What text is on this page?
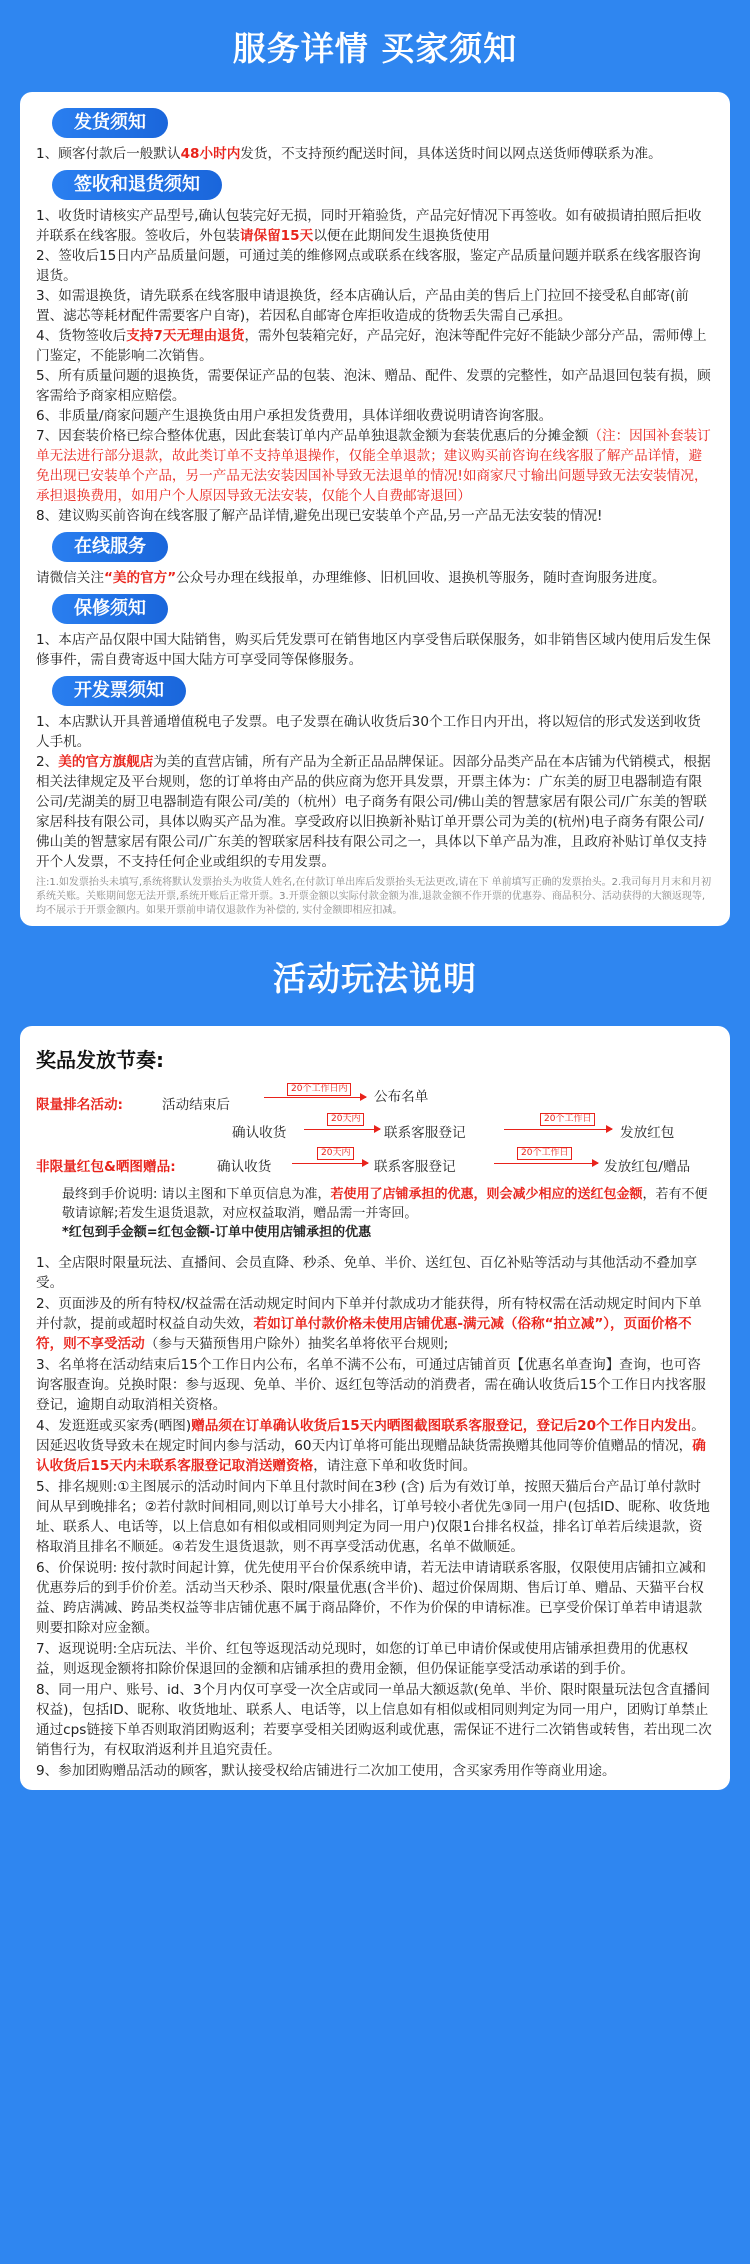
服务详情 买家须知
发货须知

1、顾客付款后一般默认48小时内发货，不支持预约配送时间，具体送货时间以网点送货师傅联系为准。

签收和退货须知

1、收货时请核实产品型号,确认包装完好无损，同时开箱验货，产品完好情况下再签收。如有破损请拍照后拒收并联系在线客服。签收后，外包装请保留15天以便在此期间发生退换货使用

2、签收后15日内产品质量问题，可通过美的维修网点或联系在线客服，鉴定产品质量问题并联系在线客服咨询退货。

3、如需退换货，请先联系在线客服申请退换货，经本店确认后，产品由美的售后上门拉回不接受私自邮寄(前置、滤芯等耗材配件需要客户自寄)，若因私自邮寄仓库拒收造成的货物丢失需自己承担。

4、货物签收后支持7天无理由退货，需外包装箱完好，产品完好，泡沫等配件完好不能缺少部分产品，需师傅上门鉴定，不能影响二次销售。

5、所有质量问题的退换货，需要保证产品的包装、泡沫、赠品、配件、发票的完整性，如产品退回包装有损，顾客需给予商家相应赔偿。

6、非质量/商家问题产生退换货由用户承担发货费用，具体详细收费说明请咨询客服。

7、因套装价格已综合整体优惠，因此套装订单内产品单独退款金额为套装优惠后的分摊金额（注：因国补套装订单无法进行部分退款，故此类订单不支持单退操作，仅能全单退款；建议购买前咨询在线客服了解产品详情，避免出现已安装单个产品，另一产品无法安装因国补导致无法退单的情况!如商家尺寸输出问题导致无法安装情况，承担退换费用，如用户个人原因导致无法安装，仅能个人自费邮寄退回）

8、建议购买前咨询在线客服了解产品详情,避免出现已安装单个产品,另一产品无法安装的情况!

在线服务

请微信关注“美的官方”公众号办理在线报单，办理维修、旧机回收、退换机等服务，随时查询服务进度。

保修须知

1、本店产品仅限中国大陆销售，购买后凭发票可在销售地区内享受售后联保服务，如非销售区域内使用后发生保修事件，需自费寄返中国大陆方可享受同等保修服务。

开发票须知

1、本店默认开具普通增值税电子发票。电子发票在确认收货后30个工作日内开出，将以短信的形式发送到收货人手机。

2、美的官方旗舰店为美的直营店铺，所有产品为全新正品品牌保证。因部分品类产品在本店铺为代销模式，根据相关法律规定及平台规则，您的订单将由产品的供应商为您开具发票，开票主体为：广东美的厨卫电器制造有限公司/芜湖美的厨卫电器制造有限公司/美的（杭州）电子商务有限公司/佛山美的智慧家居有限公司/广东美的智联家居科技有限公司，具体以购买产品为准。享受政府以旧换新补贴订单开票公司为美的(杭州)电子商务有限公司/佛山美的智慧家居有限公司/广东美的智联家居科技有限公司之一，具体以下单产品为准，且政府补贴订单仅支持开个人发票，不支持任何企业或组织的专用发票。

注:1.如发票抬头未填写,系统将默认发票抬头为收货人姓名,在付款订单出库后发票抬头无法更改,请在下 单前填写正确的发票抬头。2.我司每月月末和月初系统关账。关账期间您无法开票,系统开账后正常开票。3.开票金额以实际付款金额为准,退款金额不作开票的优惠券、商品积分、活动获得的大额返现等,均不展示于开票金额内。如果开票前申请仅退款作为补偿的, 实付金额即相应扣减。

活动玩法说明
奖品发放节奏:
限量排名活动:	活动结束后
20个工作日内 公布名单
确认收货
20天内
联系客服登记
20个工作日
发放红包
非限量红包&晒图赠品:	确认收货
20天内
联系客服登记
20个工作日
发放红包/赠品

最终到手价说明: 请以主图和下单页信息为准，若使用了店铺承担的优惠，则会减少相应的送红包金额，若有不便敬请谅解;若发生退货退款，对应权益取消，赠品需一并寄回。

*红包到手金额=红包金额-订单中使用店铺承担的优惠

1、全店限时限量玩法、直播间、会员直降、秒杀、免单、半价、送红包、百亿补贴等活动与其他活动不叠加享受。

2、页面涉及的所有特权/权益需在活动规定时间内下单并付款成功才能获得，所有特权需在活动规定时间内下单并付款，提前或超时权益自动失效，若如订单付款价格未使用店铺优惠-满元减（俗称“拍立减”），页面价格不符，则不享受活动（参与天猫预售用户除外）抽奖名单将依平台规则;

3、名单将在活动结束后15个工作日内公布，名单不满不公布，可通过店铺首页【优惠名单查询】查询，也可咨询客服查询。兑换时限：参与返现、免单、半价、返红包等活动的消费者，需在确认收货后15个工作日内找客服登记，逾期自动取消相关资格。

4、发逛逛或买家秀(晒图)赠品须在订单确认收货后15天内晒图截图联系客服登记，登记后20个工作日内发出。因延迟收货导致未在规定时间内参与活动，60天内订单将可能出现赠品缺货需换赠其他同等价值赠品的情况，确认收货后15天内未联系客服登记取消送赠资格，请注意下单和收货时间。

5、排名规则:①主图展示的活动时间内下单且付款时间在3秒 (含) 后为有效订单，按照天猫后台产品订单付款时间从早到晚排名；②若付款时间相同,则以订单号大小排名，订单号较小者优先③同一用户(包括ID、昵称、收货地址、联系人、电话等，以上信息如有相似或相同则判定为同一用户)仅限1台排名权益，排名订单若后续退款，资格取消且排名不顺延。④若发生退货退款，则不再享受活动优惠，名单不做顺延。

6、价保说明: 按付款时间起计算，优先使用平台价保系统申请，若无法申请请联系客服，仅限使用店铺扣立减和优惠券后的到手价价差。活动当天秒杀、限时/限量优惠(含半价)、超过价保周期、售后订单、赠品、天猫平台权益、跨店满减、跨品类权益等非店铺优惠不属于商品降价，不作为价保的申请标准。已享受价保订单若申请退款则要扣除对应金额。

7、返现说明:全店玩法、半价、红包等返现活动兑现时，如您的订单已申请价保或使用店铺承担费用的优惠权益，则返现金额将扣除价保退回的金额和店铺承担的费用金额，但仍保证能享受活动承诺的到手价。

8、同一用户、账号、id、3个月内仅可享受一次全店或同一单品大额返款(免单、半价、限时限量玩法包含直播间权益)，包括ID、昵称、收货地址、联系人、电话等，以上信息如有相似或相同则判定为同一用户，团购订单禁止通过cps链接下单否则取消团购返利；若要享受相关团购返利或优惠，需保证不进行二次销售或转售，若出现二次销售行为，有权取消返利并且追究责任。

9、参加团购赠品活动的顾客，默认接受权给店铺进行二次加工使用，含买家秀用作等商业用途。
